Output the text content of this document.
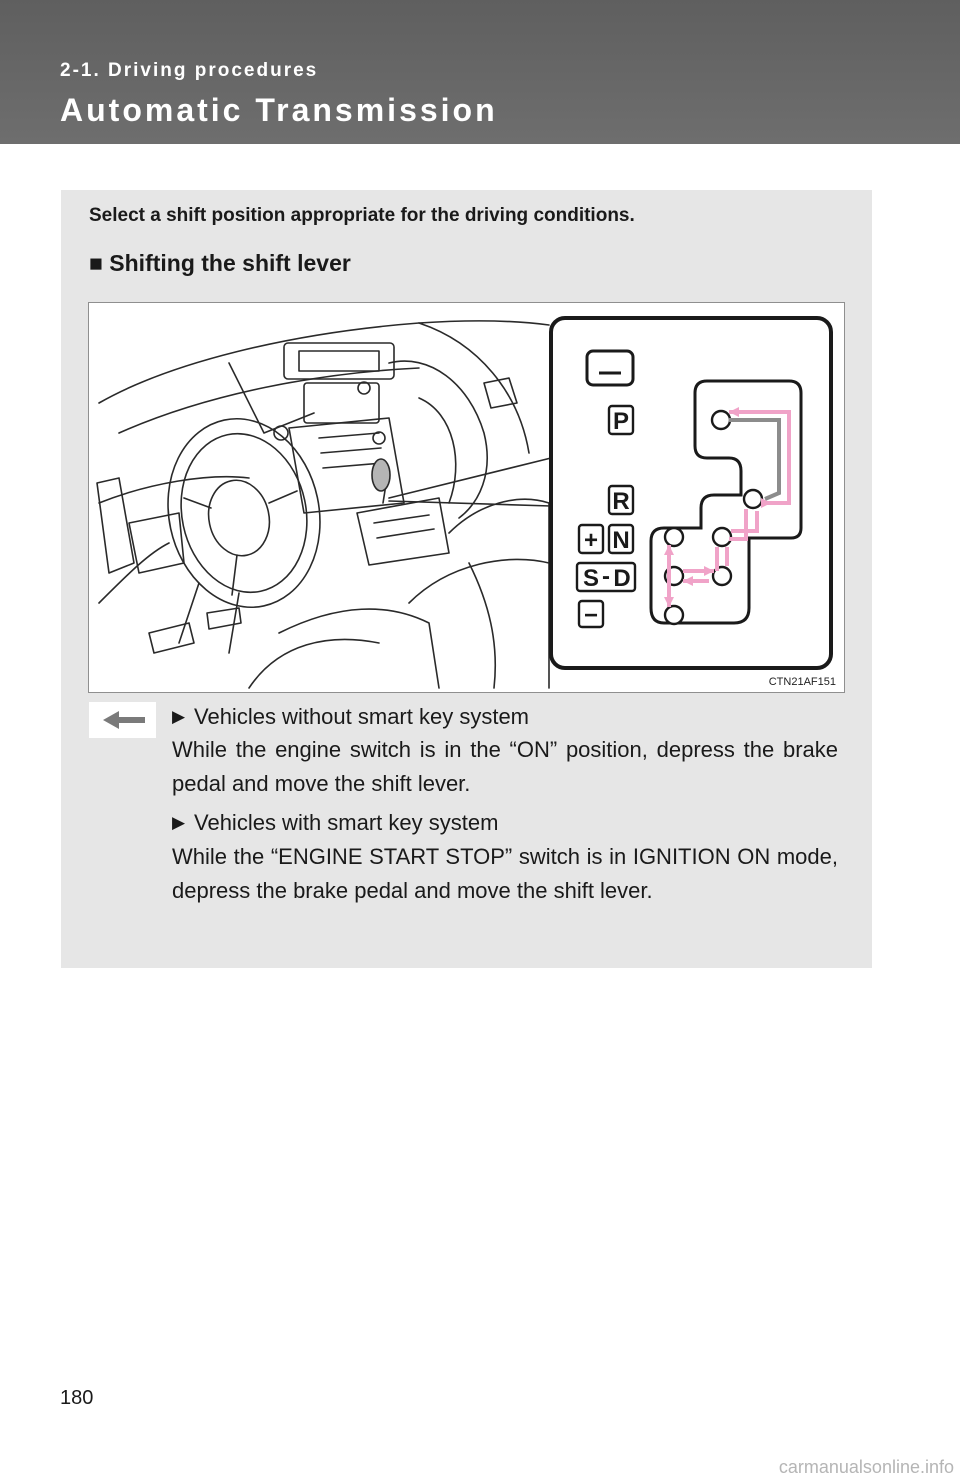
2-1. Driving procedures
Automatic Transmission
Select a shift position appropriate for the driving conditions.
■ Shifting the shift lever
P
R
+ N
S - D
−
CTN21AF151
▶ Vehicles without smart key system
While the engine switch is in the “ON” position, depress the brake pedal and move the shift lever.
▶ Vehicles with smart key system
While the “ENGINE START STOP” switch is in IGNITION ON mode, depress the brake pedal and move the shift lever.
180
carmanualsonline.info
